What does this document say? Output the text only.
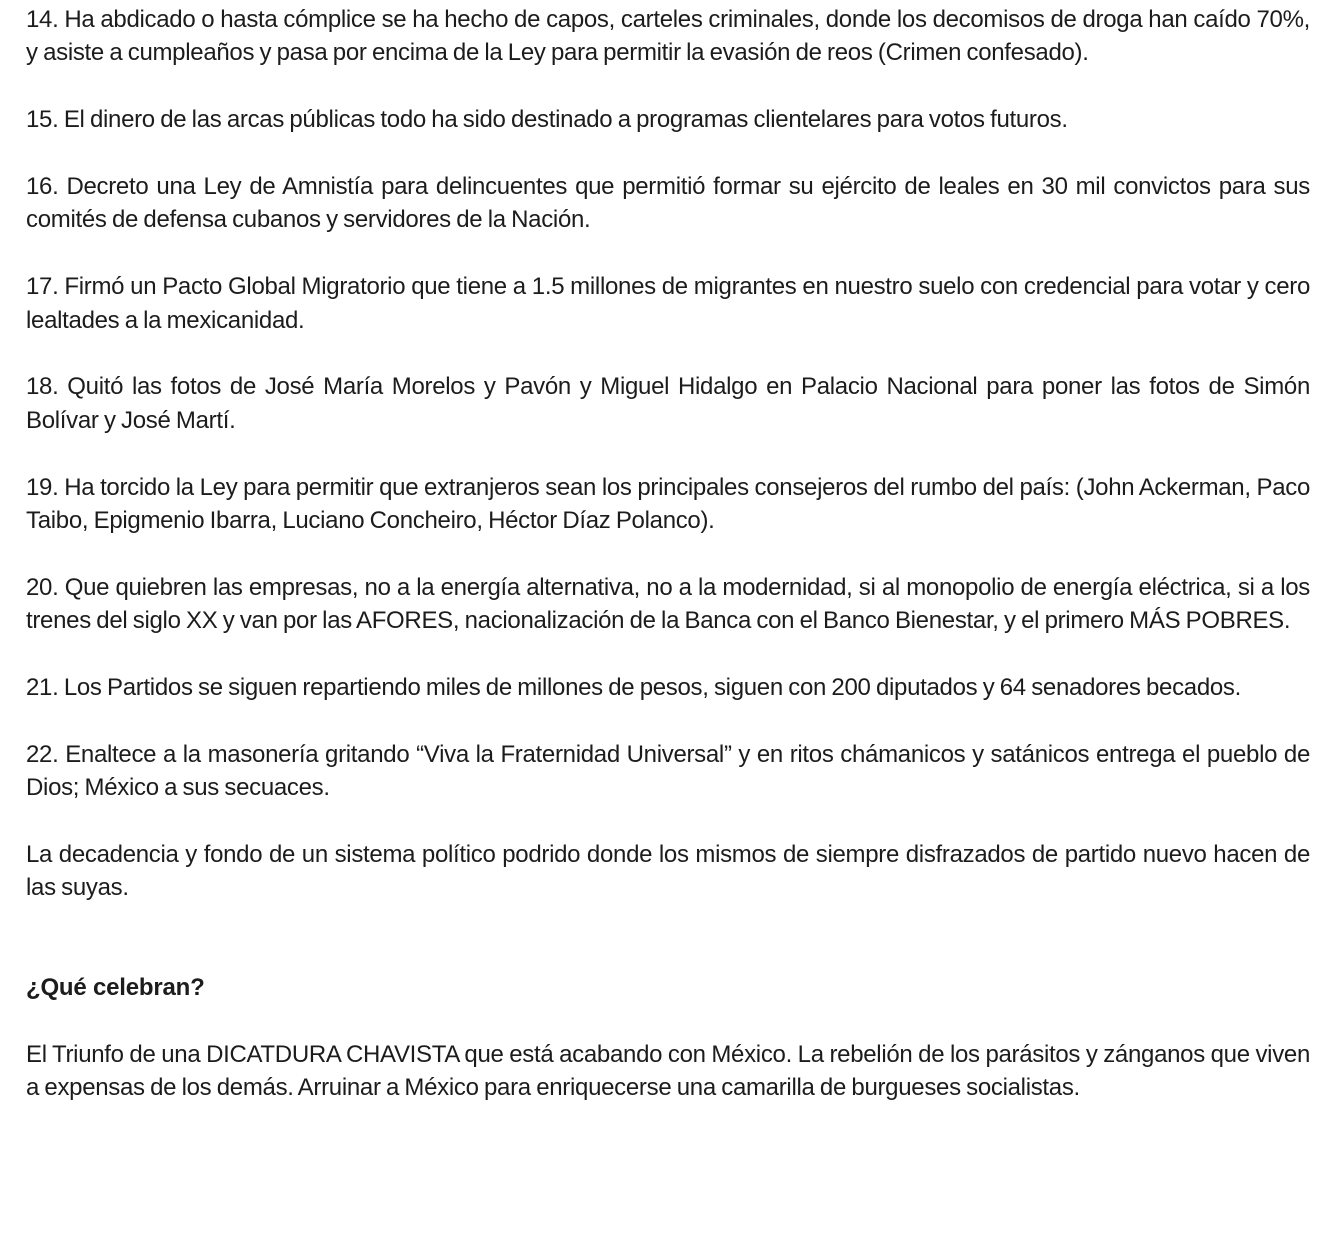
14. Ha abdicado o hasta cómplice se ha hecho de capos, carteles criminales, donde los decomisos de droga han caído 70%, y asiste a cumpleaños y pasa por encima de la Ley para permitir la evasión de reos (Crimen confesado).

15. El dinero de las arcas públicas todo ha sido destinado a programas clientelares para votos futuros.

16. Decreto una Ley de Amnistía para delincuentes que permitió formar su ejército de leales en 30 mil convictos para sus comités de defensa cubanos y servidores de la Nación.

17. Firmó un Pacto Global Migratorio que tiene a 1.5 millones de migrantes en nuestro suelo con credencial para votar y cero lealtades a la mexicanidad.

18. Quitó las fotos de José María Morelos y Pavón y Miguel Hidalgo en Palacio Nacional para poner las fotos de Simón Bolívar y José Martí.

19. Ha torcido la Ley para permitir que extranjeros sean los principales consejeros del rumbo del país: (John Ackerman, Paco Taibo, Epigmenio Ibarra, Luciano Concheiro, Héctor Díaz Polanco).

20. Que quiebren las empresas, no a la energía alternativa, no a la modernidad, si al monopolio de energía eléctrica, si a los trenes del siglo XX y van por las AFORES, nacionalización de la Banca con el Banco Bienestar, y el primero MÁS POBRES.

21. Los Partidos se siguen repartiendo miles de millones de pesos, siguen con 200 diputados y 64 senadores becados.

22. Enaltece a la masonería gritando “Viva la Fraternidad Universal” y en ritos chámanicos y satánicos entrega el pueblo de Dios; México a sus secuaces.

La decadencia y fondo de un sistema político podrido donde los mismos de siempre disfrazados de partido nuevo hacen de las suyas.

¿Qué celebran?

El Triunfo de una DICATDURA CHAVISTA que está acabando con México. La rebelión de los parásitos y zánganos que viven a expensas de los demás. Arruinar a México para enriquecerse una camarilla de burgueses socialistas.
